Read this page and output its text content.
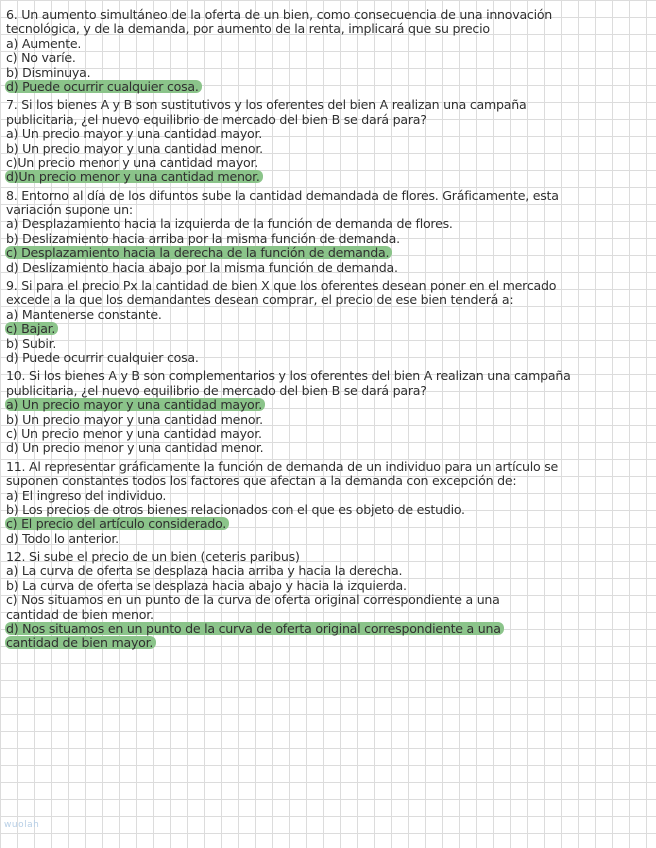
6. Un aumento simultáneo de la oferta de un bien, como consecuencia de una innovación
tecnológica, y de la demanda, por aumento de la renta, implicará que su precio
a) Aumente.
c) No varíe.
b) Disminuya.
d) Puede ocurrir cualquier cosa.
7. Si los bienes A y B son sustitutivos y los oferentes del bien A realizan una campaña
publicitaria, ¿el nuevo equilibrio de mercado del bien B se dará para?
a) Un precio mayor y una cantidad mayor.
b) Un precio mayor y una cantidad menor.
c)Un precio menor y una cantidad mayor.
d)Un precio menor y una cantidad menor.
8. Entorno al día de los difuntos sube la cantidad demandada de flores. Gráficamente, esta
variación supone un:
a) Desplazamiento hacia la izquierda de la función de demanda de flores.
b) Deslizamiento hacia arriba por la misma función de demanda.
c) Desplazamiento hacia la derecha de la función de demanda.
d) Deslizamiento hacia abajo por la misma función de demanda.
9. Si para el precio Px la cantidad de bien X que los oferentes desean poner en el mercado
excede a la que los demandantes desean comprar, el precio de ese bien tenderá a:
a) Mantenerse constante.
c) Bajar.
b) Subir.
d) Puede ocurrir cualquier cosa.
10. Si los bienes A y B son complementarios y los oferentes del bien A realizan una campaña
publicitaria, ¿el nuevo equilibrio de mercado del bien B se dará para?
a) Un precio mayor y una cantidad mayor.
b) Un precio mayor y una cantidad menor.
c) Un precio menor y una cantidad mayor.
d) Un precio menor y una cantidad menor.
11. Al representar gráficamente la función de demanda de un individuo para un artículo se
suponen constantes todos los factores que afectan a la demanda con excepción de:
a) El ingreso del individuo.
b) Los precios de otros bienes relacionados con el que es objeto de estudio.
c) El precio del artículo considerado.
d) Todo lo anterior.
12. Si sube el precio de un bien (ceteris paribus)
a) La curva de oferta se desplaza hacia arriba y hacia la derecha.
b) La curva de oferta se desplaza hacia abajo y hacia la izquierda.
c) Nos situamos en un punto de la curva de oferta original correspondiente a una
cantidad de bien menor.
d) Nos situamos en un punto de la curva de oferta original correspondiente a una
cantidad de bien mayor.
wuolah
